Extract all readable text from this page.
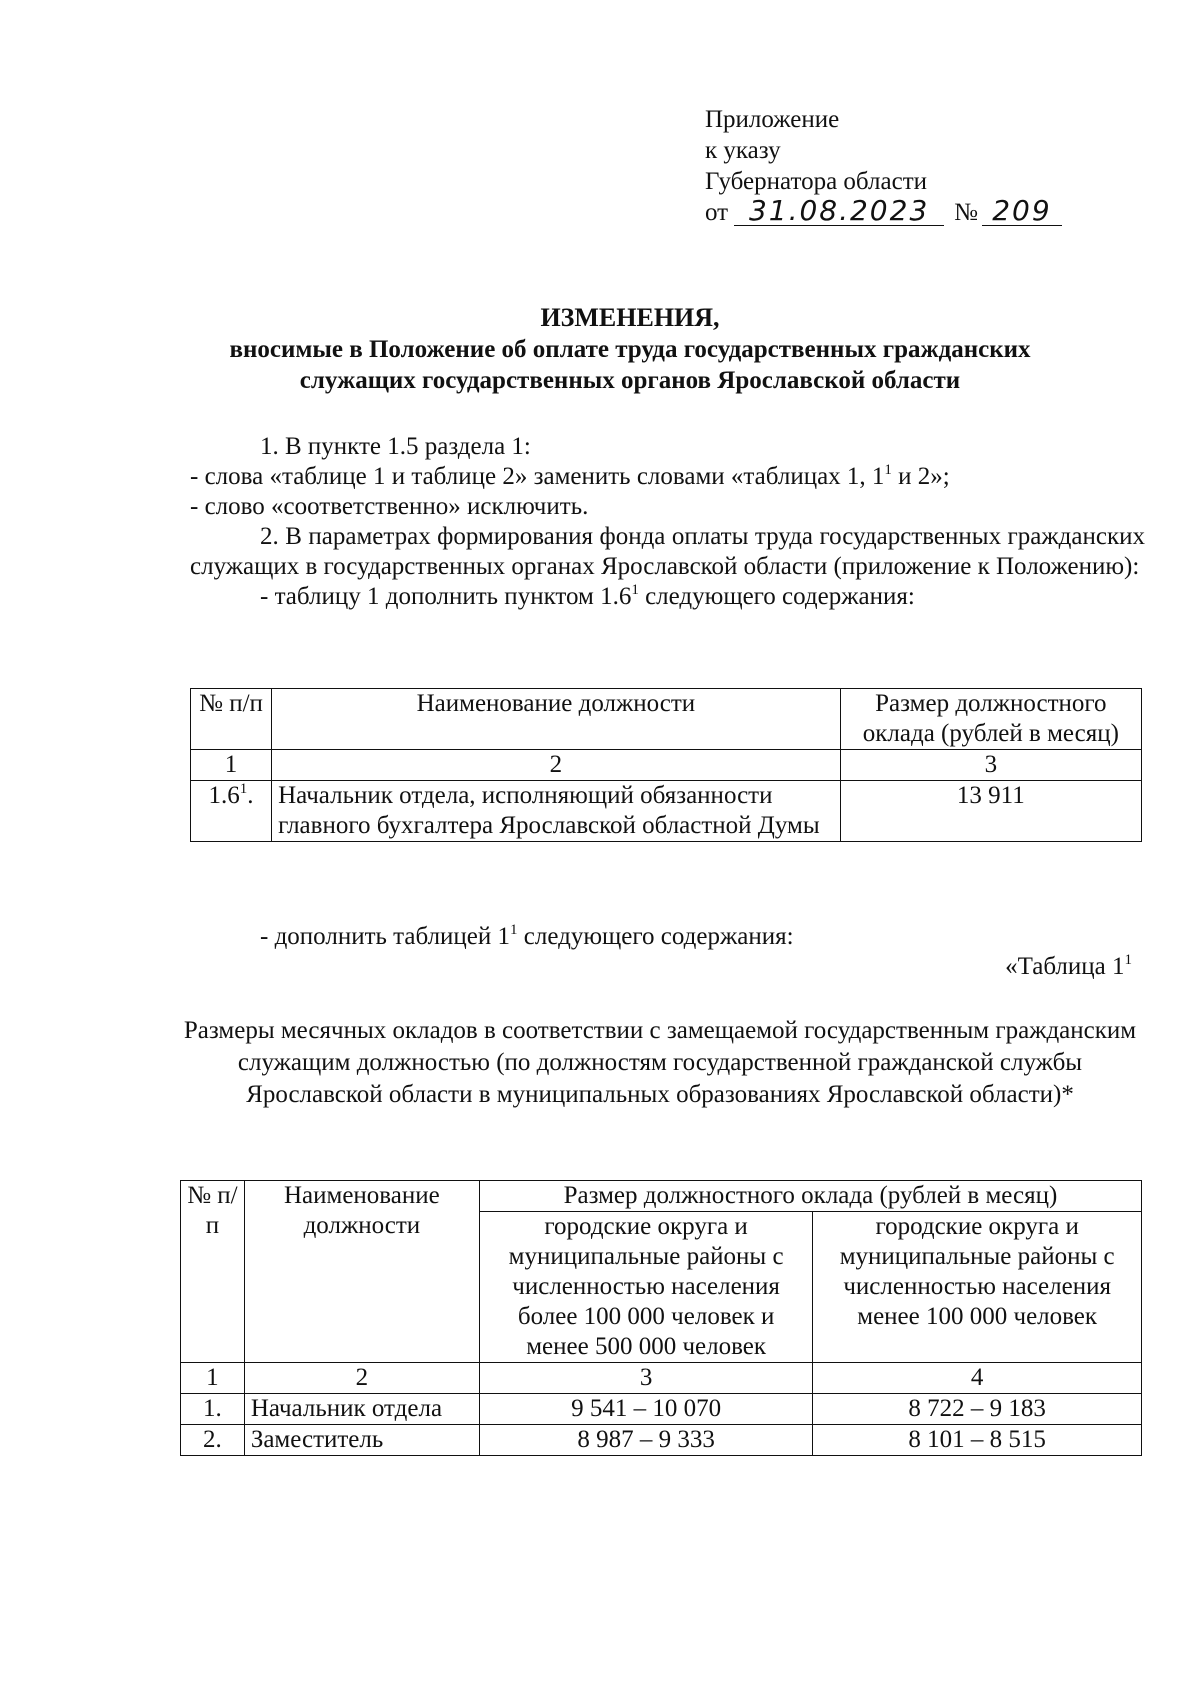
Приложение
к указу
Губернатора области
от 31.08.2023 № 209
ИЗМЕНЕНИЯ,
вносимые в Положение об оплате труда государственных гражданских
служащих государственных органов Ярославской области

1. В пункте 1.5 раздела 1:

- слова «таблице 1 и таблице 2» заменить словами «таблицах 1, $1^1$ и 2»;

- слово «соответственно» исключить.

2. В параметрах формирования фонда оплаты труда государственных гражданских служащих в государственных органах Ярославской области (приложение к Положению):

- таблицу 1 дополнить пунктом $1.6^1$ следующего содержания:

№ п/п	Наименование должности	Размер должностного оклада (рублей в месяц)
1	2	3
$1.6^1$.	Начальник отдела, исполняющий обязанности главного бухгалтера Ярославской областной Думы	13 911
- дополнить таблицей $1^1$ следующего содержания:
«Таблица $1^1$
Размеры месячных окладов в соответствии с замещаемой государственным гражданским служащим должностью (по должностям государственной гражданской службы Ярославской области в муниципальных образованиях Ярославской области)*
№ п/п	Наименование должности	Размер должностного оклада (рублей в месяц)	
		городские округа и муниципальные районы с численностью населения более 100 000 человек и менее 500 000 человек	городские округа и муниципальные районы с численностью населения менее 100 000 человек
1	2	3	4
1.	Начальник отдела	9 541 – 10 070	8 722 – 9 183
2.	Заместитель	8 987 – 9 333	8 101 – 8 515
